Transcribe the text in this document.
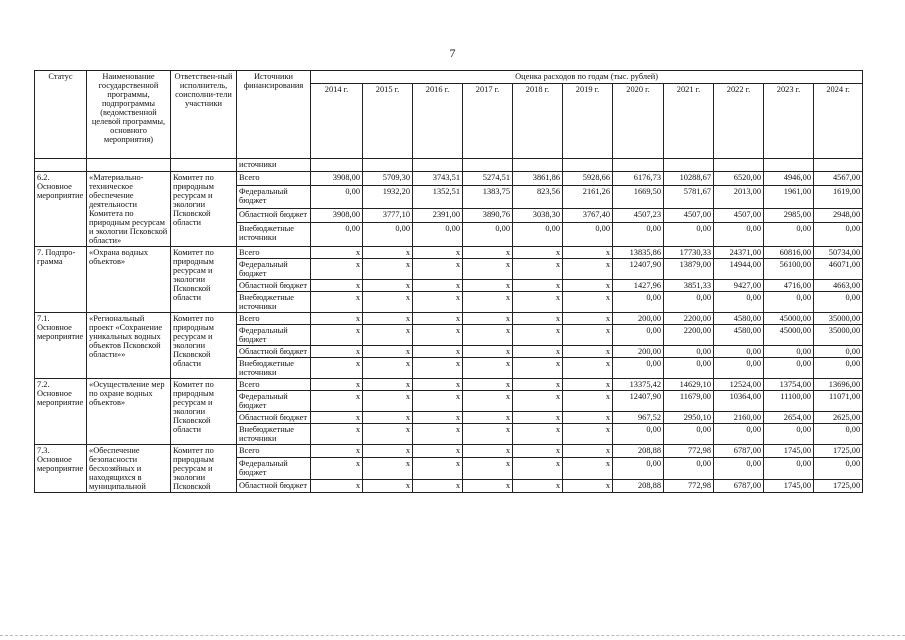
7
Статус	Наименование государственной программы, подпрограммы (ведомственной целевой программы, основного мероприятия)	Ответствен-ный исполнитель, соисполни-тели участники	Источники финансирования	Оценка расходов по годам (тыс. рублей)										
				2014 г.	2015 г.	2016 г.	2017 г.	2018 г.	2019 г.	2020 г.	2021 г.	2022 г.	2023 г.	2024 г.
			источники											
6.2. Основное мероприятие	«Материально-техническое обеспечение деятельности Комитета по природным ресурсам и экологии Псковской области»	Комитет по природным ресурсам и экологии Псковской области	Всего	3908,00	5709,30	3743,51	5274,51	3861,86	5928,66	6176,73	10288,67	6520,00	4946,00	4567,00
			Федеральный бюджет	0,00	1932,20	1352,51	1383,75	823,56	2161,26	1669,50	5781,67	2013,00	1961,00	1619,00
			Областной бюджет	3908,00	3777,10	2391,00	3890,76	3038,30	3767,40	4507,23	4507,00	4507,00	2985,00	2948,00
			Внебюджетные источники	0,00	0,00	0,00	0,00	0,00	0,00	0,00	0,00	0,00	0,00	0,00
7. Подпро-грамма	«Охрана водных объектов»	Комитет по природным ресурсам и экологии Псковской области	Всего	x	x	x	x	x	x	13835,86	17730,33	24371,00	60816,00	50734,00
			Федеральный бюджет	x	x	x	x	x	x	12407,90	13879,00	14944,00	56100,00	46071,00
			Областной бюджет	x	x	x	x	x	x	1427,96	3851,33	9427,00	4716,00	4663,00
			Внебюджетные источники	x	x	x	x	x	x	0,00	0,00	0,00	0,00	0,00
7.1. Основное мероприятие	«Региональный проект «Сохранение уникальных водных объектов Псковской области»»	Комитет по природным ресурсам и экологии Псковской области	Всего	x	x	x	x	x	x	200,00	2200,00	4580,00	45000,00	35000,00
			Федеральный бюджет	x	x	x	x	x	x	0,00	2200,00	4580,00	45000,00	35000,00
			Областной бюджет	x	x	x	x	x	x	200,00	0,00	0,00	0,00	0,00
			Внебюджетные источники	x	x	x	x	x	x	0,00	0,00	0,00	0,00	0,00
7.2. Основное мероприятие	«Осуществление мер по охране водных объектов»	Комитет по природным ресурсам и экологии Псковской области	Всего	x	x	x	x	x	x	13375,42	14629,10	12524,00	13754,00	13696,00
			Федеральный бюджет	x	x	x	x	x	x	12407,90	11679,00	10364,00	11100,00	11071,00
			Областной бюджет	x	x	x	x	x	x	967,52	2950,10	2160,00	2654,00	2625,00
			Внебюджетные источники	x	x	x	x	x	x	0,00	0,00	0,00	0,00	0,00
7.3. Основное мероприятие	«Обеспечение безопасности бесхозяйных и находящихся в муниципальной	Комитет по природным ресурсам и экологии Псковской	Всего	x	x	x	x	x	x	208,88	772,98	6787,00	1745,00	1725,00
			Федеральный бюджет	x	x	x	x	x	x	0,00	0,00	0,00	0,00	0,00
			Областной бюджет	x	x	x	x	x	x	208,88	772,98	6787,00	1745,00	1725,00
